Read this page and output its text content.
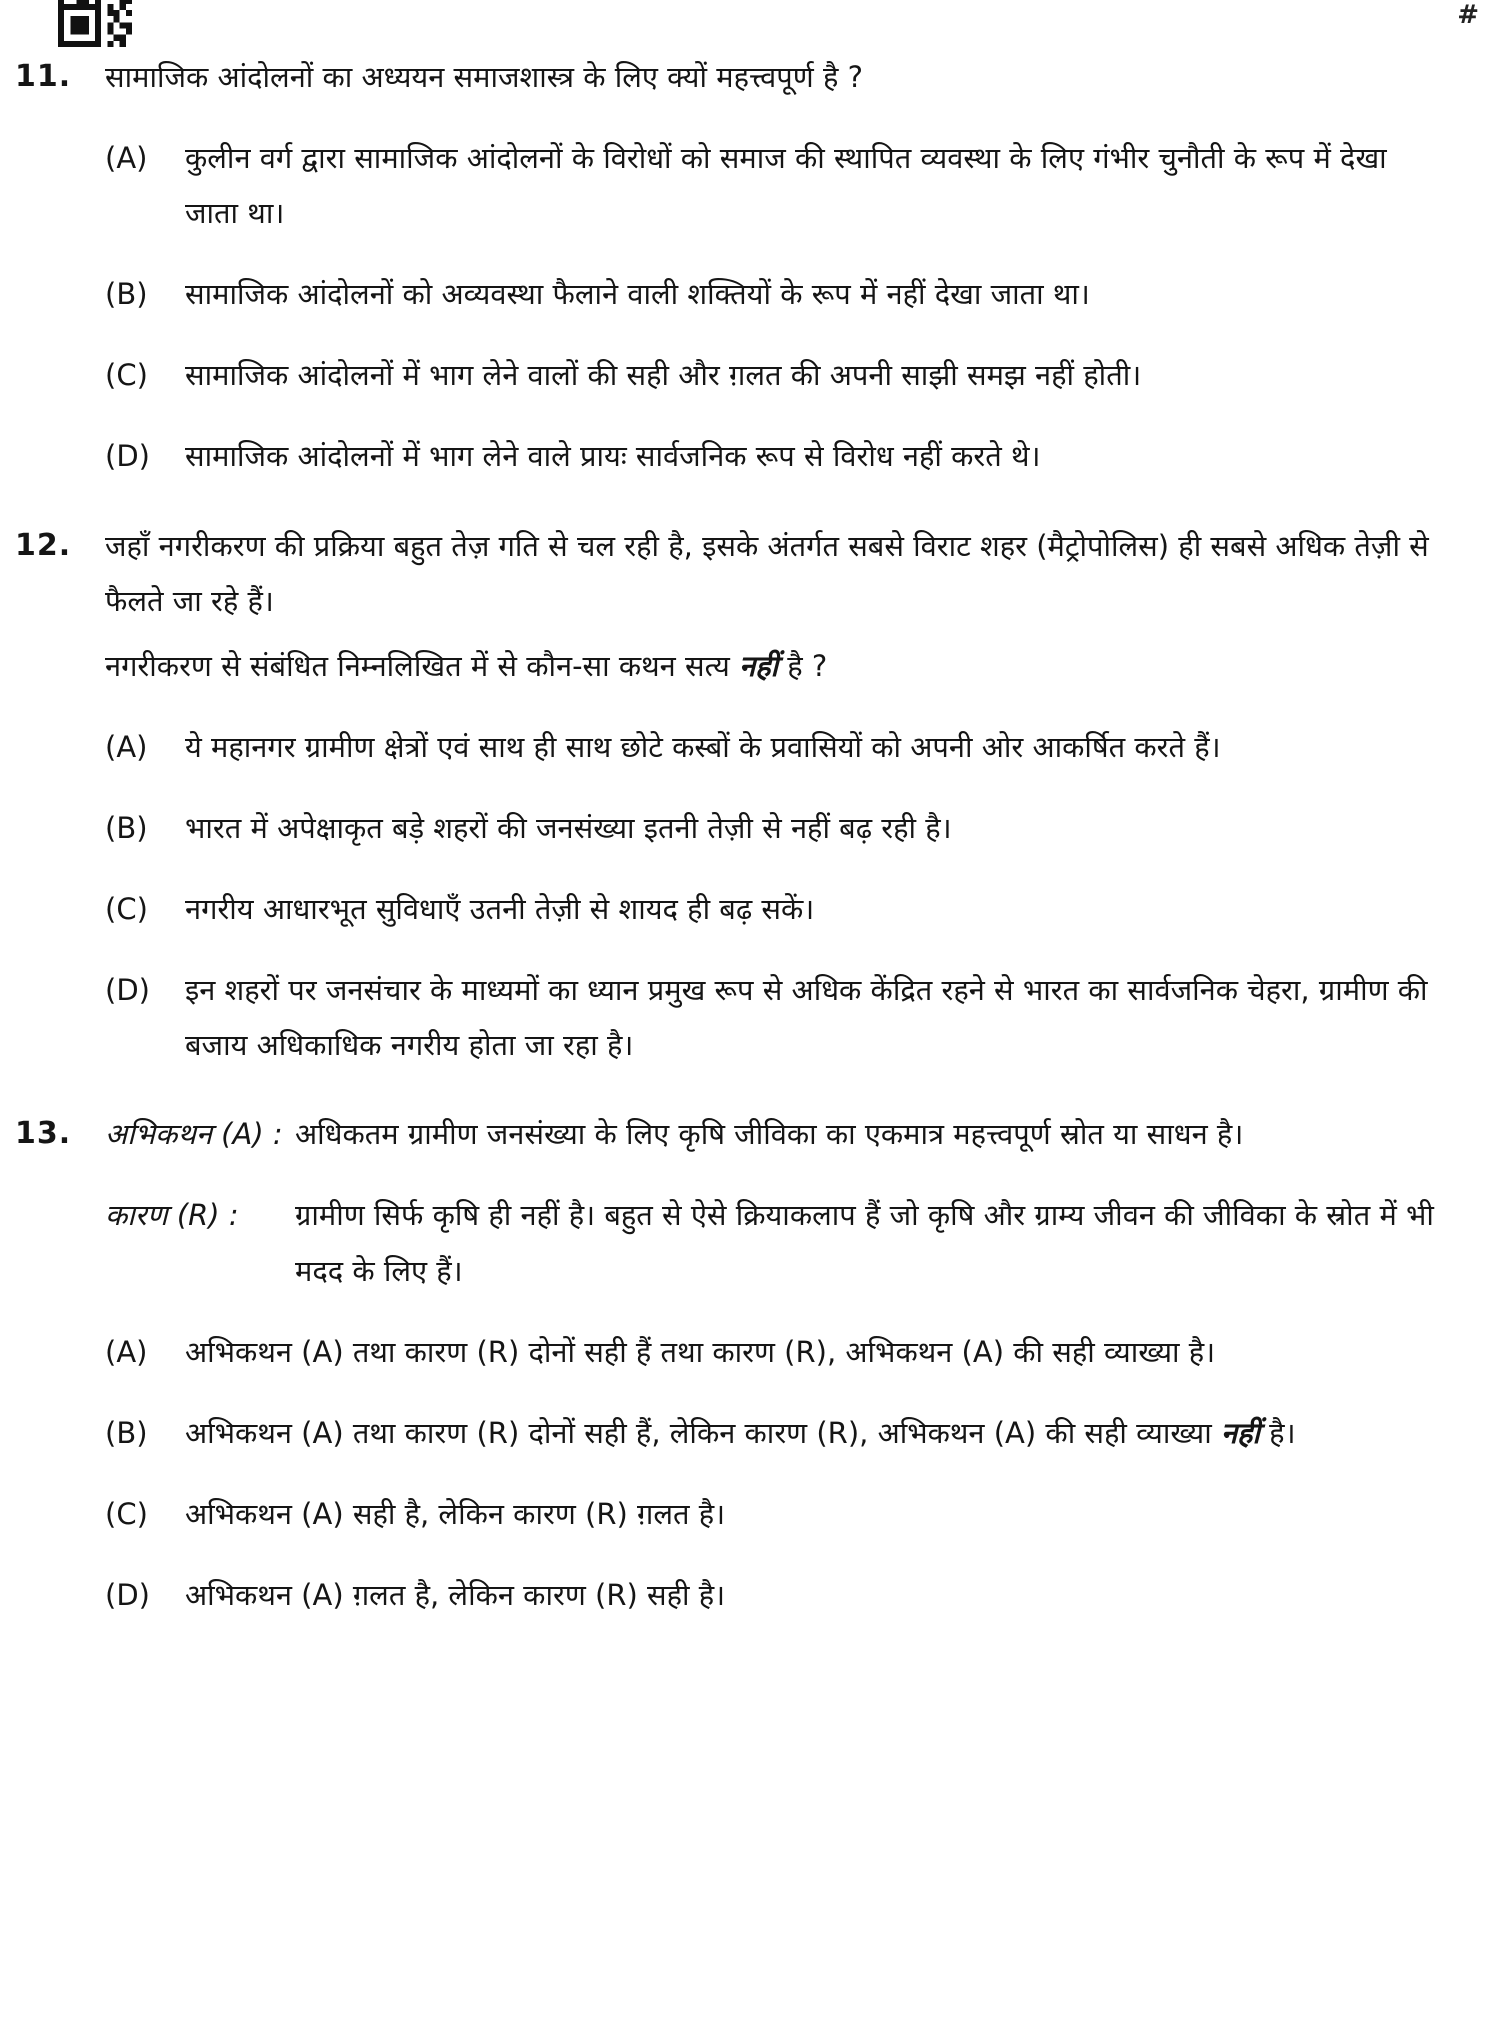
#
11.	सामाजिक आंदोलनों का अध्ययन समाजशास्त्र के लिए क्यों महत्त्वपूर्ण है ?

(A)	कुलीन वर्ग द्वारा सामाजिक आंदोलनों के विरोधों को समाज की स्थापित व्यवस्था के लिए गंभीर चुनौती के रूप में देखा जाता था।

(B)	सामाजिक आंदोलनों को अव्यवस्था फैलाने वाली शक्तियों के रूप में नहीं देखा जाता था।

(C)	सामाजिक आंदोलनों में भाग लेने वालों की सही और ग़लत की अपनी साझी समझ नहीं होती।

(D)	सामाजिक आंदोलनों में भाग लेने वाले प्रायः सार्वजनिक रूप से विरोध नहीं करते थे।

12.	जहाँ नगरीकरण की प्रक्रिया बहुत तेज़ गति से चल रही है, इसके अंतर्गत सबसे विराट शहर (मैट्रोपोलिस) ही सबसे अधिक तेज़ी से फैलते जा रहे हैं।

नगरीकरण से संबंधित निम्नलिखित में से कौन-सा कथन सत्य नहीं है ?

(A)	ये महानगर ग्रामीण क्षेत्रों एवं साथ ही साथ छोटे कस्बों के प्रवासियों को अपनी ओर आकर्षित करते हैं।

(B)	भारत में अपेक्षाकृत बड़े शहरों की जनसंख्या इतनी तेज़ी से नहीं बढ़ रही है।

(C)	नगरीय आधारभूत सुविधाएँ उतनी तेज़ी से शायद ही बढ़ सकें।

(D)	इन शहरों पर जनसंचार के माध्यमों का ध्यान प्रमुख रूप से अधिक केंद्रित रहने से भारत का सार्वजनिक चेहरा, ग्रामीण की बजाय अधिकाधिक नगरीय होता जा रहा है।

13.	अभिकथन (A) : अधिकतम ग्रामीण जनसंख्या के लिए कृषि जीविका का एकमात्र महत्त्वपूर्ण स्रोत या साधन है।

कारण (R) :	ग्रामीण सिर्फ कृषि ही नहीं है। बहुत से ऐसे क्रियाकलाप हैं जो कृषि और ग्राम्य जीवन की जीविका के स्रोत में भी मदद के लिए हैं।

(A)	अभिकथन (A) तथा कारण (R) दोनों सही हैं तथा कारण (R), अभिकथन (A) की सही व्याख्या है।

(B)	अभिकथन (A) तथा कारण (R) दोनों सही हैं, लेकिन कारण (R), अभिकथन (A) की सही व्याख्या नहीं है।

(C)	अभिकथन (A) सही है, लेकिन कारण (R) ग़लत है।

(D)	अभिकथन (A) ग़लत है, लेकिन कारण (R) सही है।
